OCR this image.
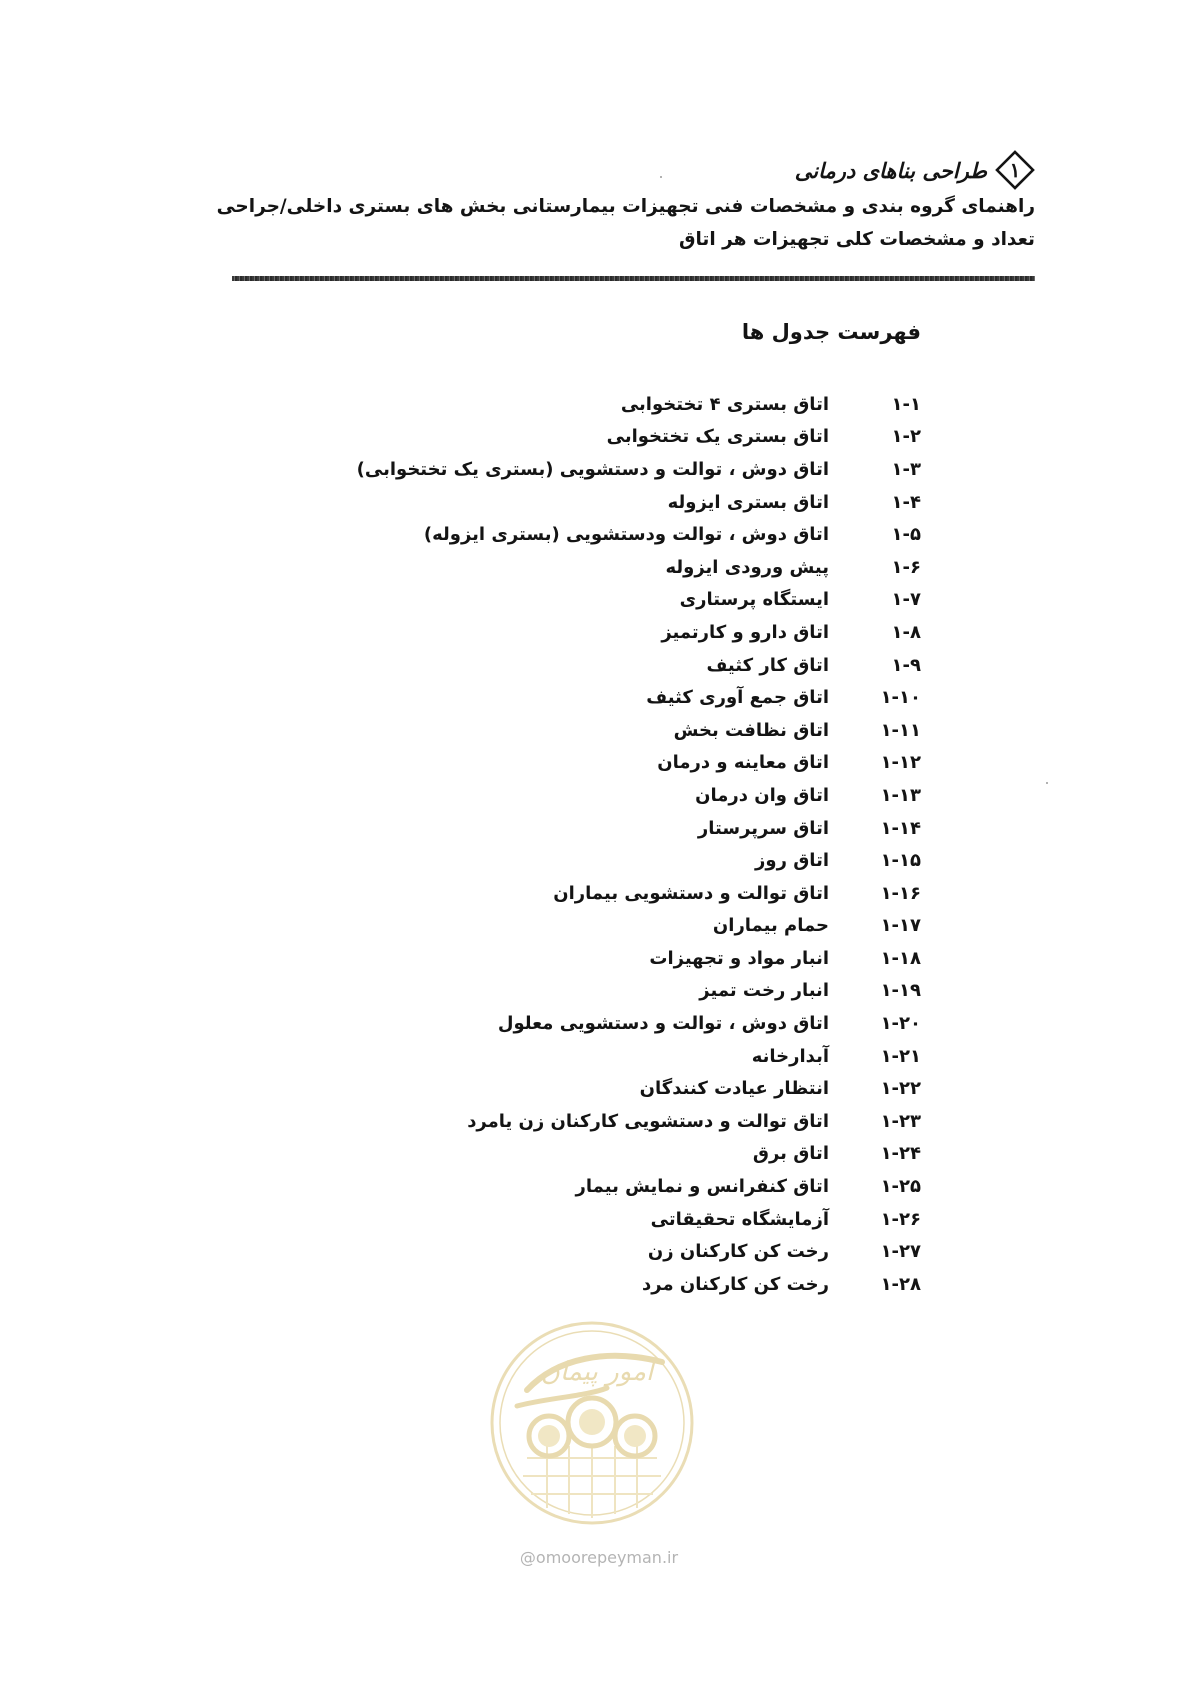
طراحی بناهای درمانی	۱
راهنمای گروه بندی و مشخصات فنی تجهیزات بیمارستانی بخش های بستری داخلی/جراحی
تعداد و مشخصات کلی تجهیزات هر اتاق
فهرست جدول ها
۱-۱
اتاق بستری ۴ تختخوابی
۱-۲
اتاق بستری یک تختخوابی
۱-۳
اتاق دوش ، توالت و دستشویی (بستری یک تختخوابی)
۱-۴
اتاق بستری ایزوله
۱-۵
اتاق دوش ، توالت ودستشویی (بستری ایزوله)
۱-۶
پیش ورودی ایزوله
۱-۷
ایستگاه پرستاری
۱-۸
اتاق دارو و کارتمیز
۱-۹
اتاق کار کثیف
۱-۱۰
اتاق جمع آوری کثیف
۱-۱۱
اتاق نظافت بخش
۱-۱۲
اتاق معاینه و درمان
۱-۱۳
اتاق وان درمان
۱-۱۴
اتاق سرپرستار
۱-۱۵
اتاق روز
۱-۱۶
اتاق توالت و دستشویی بیماران
۱-۱۷
حمام بیماران
۱-۱۸
انبار مواد و تجهیزات
۱-۱۹
انبار رخت تمیز
۱-۲۰
اتاق دوش ، توالت و دستشویی معلول
۱-۲۱
آبدارخانه
۱-۲۲
انتظار عیادت کنندگان
۱-۲۳
اتاق توالت و دستشویی کارکنان زن یامرد
۱-۲۴
اتاق برق
۱-۲۵
اتاق کنفرانس و نمایش بیمار
۱-۲۶
آزمایشگاه تحقیقاتی
۱-۲۷
رخت کن کارکنان زن
۱-۲۸
رخت کن کارکنان مرد
امور پیمان
@omoorepeyman.ir
